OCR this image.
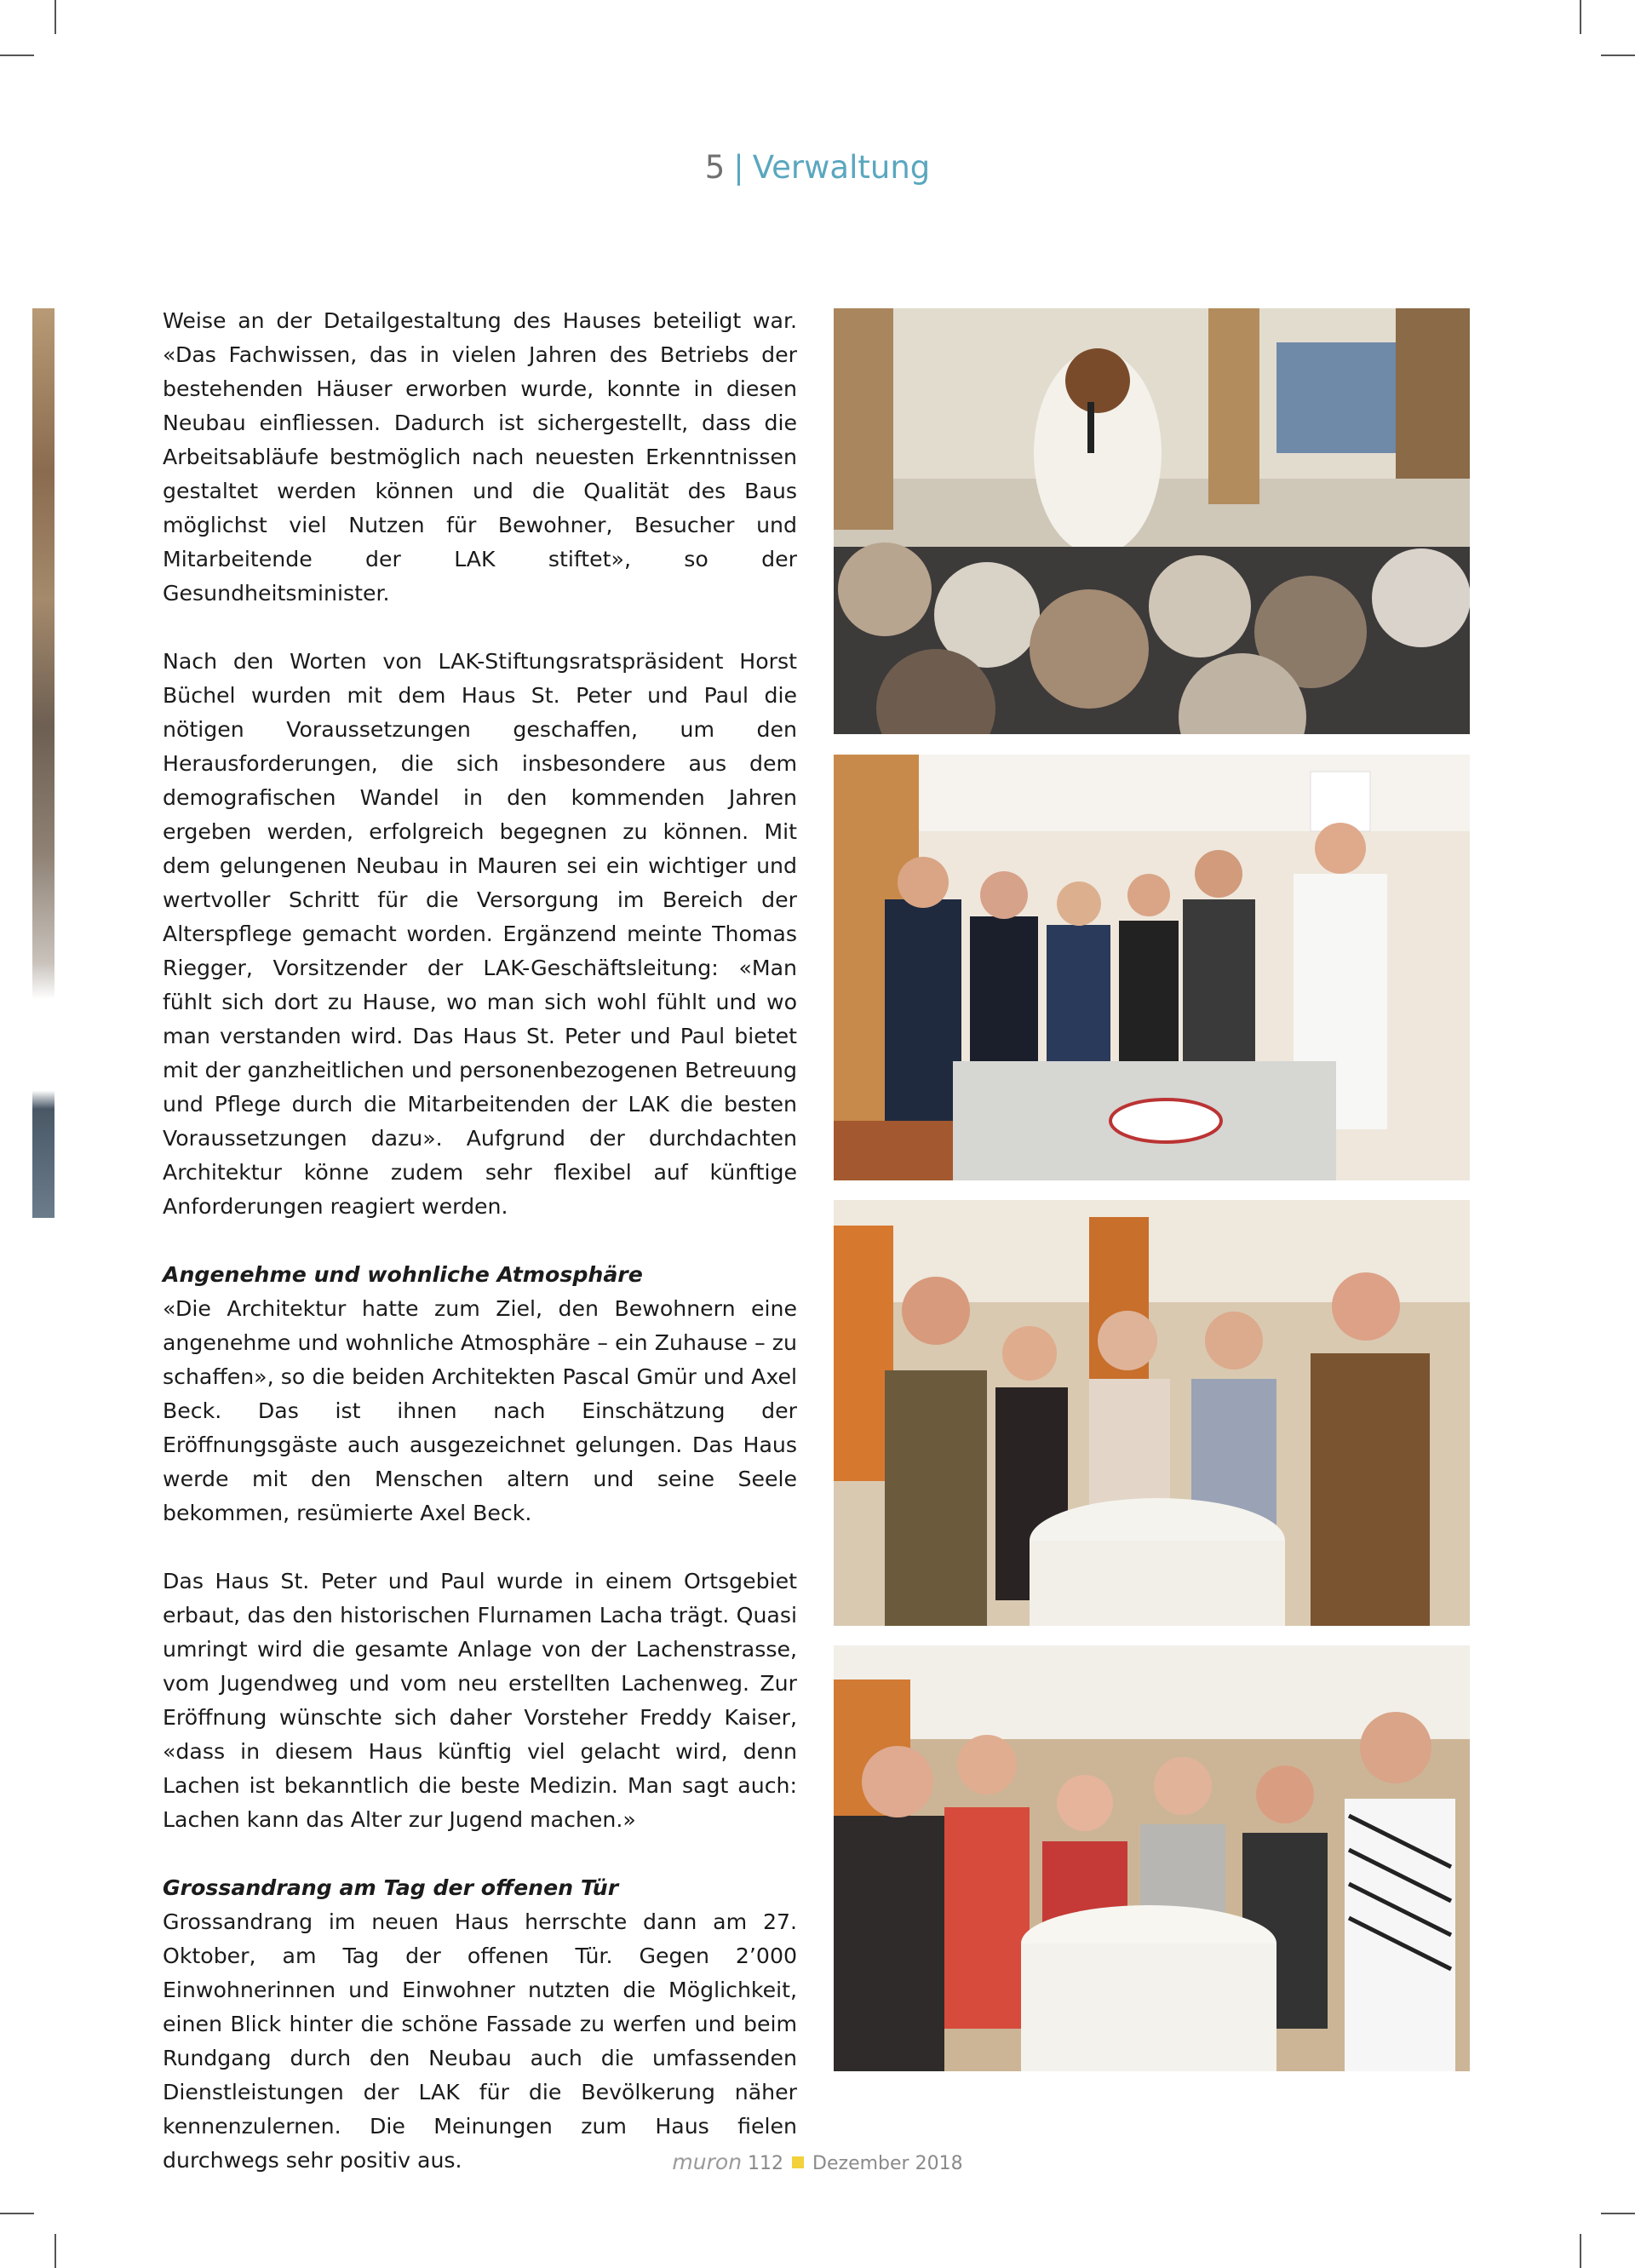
5 | Verwaltung

Weise an der Detailgestaltung des Hauses beteiligt war. «Das Fachwissen, das in vielen Jahren des Betriebs der bestehenden Häuser erworben wurde, konnte in diesen Neubau einfliessen. Dadurch ist sichergestellt, dass die Arbeitsabläufe bestmöglich nach neuesten Erkenntnissen gestaltet werden können und die Qualität des Baus möglichst viel Nutzen für Bewohner, Besucher und Mitarbeitende der LAK stiftet», so der Gesundheitsminister.

Nach den Worten von LAK-Stiftungsratspräsident Horst Büchel wurden mit dem Haus St. Peter und Paul die nötigen Voraussetzungen geschaffen, um den Herausforderungen, die sich insbesondere aus dem demografischen Wandel in den kommenden Jahren ergeben werden, erfolgreich begegnen zu können. Mit dem gelungenen Neubau in Mauren sei ein wichtiger und wertvoller Schritt für die Versorgung im Bereich der Alterspflege gemacht worden. Ergänzend meinte Thomas Riegger, Vorsitzender der LAK-Geschäftsleitung: «Man fühlt sich dort zu Hause, wo man sich wohl fühlt und wo man verstanden wird. Das Haus St. Peter und Paul bietet mit der ganzheitlichen und personenbezogenen Betreuung und Pflege durch die Mitarbeitenden der LAK die besten Voraussetzungen dazu». Aufgrund der durchdachten Architektur könne zudem sehr flexibel auf künftige Anforderungen reagiert werden.

Angenehme und wohnliche Atmosphäre

«Die Architektur hatte zum Ziel, den Bewohnern eine angenehme und wohnliche Atmosphäre – ein Zuhause – zu schaffen», so die beiden Architekten Pascal Gmür und Axel Beck. Das ist ihnen nach Einschätzung der Eröffnungsgäste auch ausgezeichnet gelungen. Das Haus werde mit den Menschen altern und seine Seele bekommen, resümierte Axel Beck.

Das Haus St. Peter und Paul wurde in einem Ortsgebiet erbaut, das den historischen Flurnamen Lacha trägt. Quasi umringt wird die gesamte Anlage von der Lachenstrasse, vom Jugendweg und vom neu erstellten Lachenweg. Zur Eröffnung wünschte sich daher Vorsteher Freddy Kaiser, «dass in diesem Haus künftig viel gelacht wird, denn Lachen ist bekanntlich die beste Medizin. Man sagt auch: Lachen kann das Alter zur Jugend machen.»

Grossandrang am Tag der offenen Tür

Grossandrang im neuen Haus herrschte dann am 27. Oktober, am Tag der offenen Tür. Gegen 2’000 Einwohnerinnen und Einwohner nutzten die Möglichkeit, einen Blick hinter die schöne Fassade zu werfen und beim Rundgang durch den Neubau auch die umfassenden Dienstleistungen der LAK für die Bevölkerung näher kennenzulernen. Die Meinungen zum Haus fielen durchwegs sehr positiv aus.	muron 112 Dezember 2018
